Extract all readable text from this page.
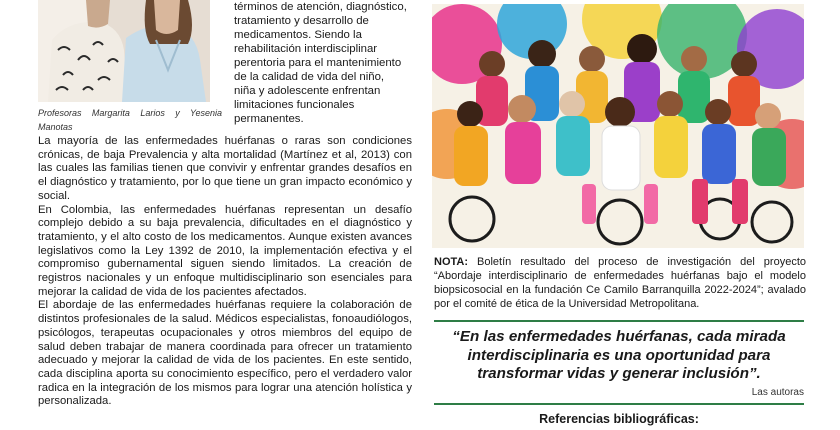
Profesoras Margarita Larios y Yesenia Manotas
términos de atención, diagnóstico,
tratamiento y desarrollo de
medicamentos. Siendo la
rehabilitación interdisciplinar
perentoria para el mantenimiento
de la calidad de vida del niño,
niña y adolescente enfrentan
limitaciones funcionales
permanentes.

La mayoría de las enfermedades huérfanas o raras son condiciones crónicas, de baja Prevalencia y alta mortalidad (Martínez et al, 2013) con las cuales las familias tienen que convivir y enfrentar grandes desafíos en el diagnóstico y tratamiento, por lo que tiene un gran impacto económico y social.

En Colombia, las enfermedades huérfanas representan un desafío complejo debido a su baja prevalencia, dificultades en el diagnóstico y tratamiento, y el alto costo de los medicamentos. Aunque existen avances legislativos como la Ley 1392 de 2010, la implementación efectiva y el compromiso gubernamental siguen siendo limitados. La creación de registros nacionales y un enfoque multidisciplinario son esenciales para mejorar la calidad de vida de los pacientes afectados.

El abordaje de las enfermedades huérfanas requiere la colaboración de distintos profesionales de la salud. Médicos especialistas, fonoaudiólogos, psicólogos, terapeutas ocupacionales y otros miembros del equipo de salud deben trabajar de manera coordinada para ofrecer un tratamiento adecuado y mejorar la calidad de vida de los pacientes. En este sentido, cada disciplina aporta su conocimiento específico, pero el verdadero valor radica en la integración de los mismos para lograr una atención holística y personalizada.

NOTA: Boletín resultado del proceso de investigación del proyecto “Abordaje interdisciplinario de enfermedades huérfanas bajo el modelo biopsicosocial en la fundación Ce Camilo Barranquilla 2022-2024”; avalado por el comité de ética de la Universidad Metropolitana.
“En las enfermedades huérfanas, cada mirada interdisciplinaria es una oportunidad para transformar vidas y generar inclusión”.
Las autoras
Referencias bibliográficas:
